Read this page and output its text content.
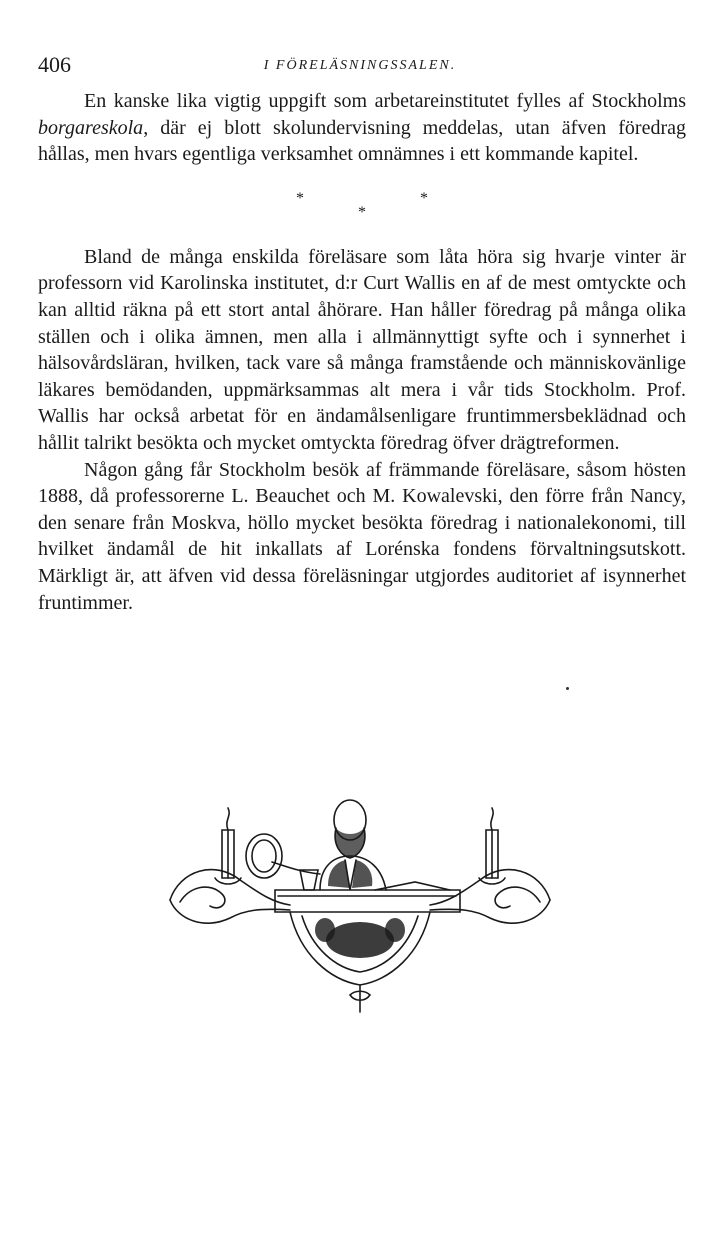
406	I FÖRELÄSNINGSSALEN.

En kanske lika vigtig uppgift som arbetareinstitutet fylles af Stockholms borgareskola, där ej blott skolundervisning meddelas, utan äfven föredrag hållas, men hvars egentliga verksamhet omnämnes i ett kommande kapitel.

*
*
*

Bland de många enskilda föreläsare som låta höra sig hvarje vinter är professorn vid Karolinska institutet, d:r Curt Wallis en af de mest omtyckte och kan alltid räkna på ett stort antal åhörare. Han håller föredrag på många olika ställen och i olika ämnen, men alla i allmännyttigt syfte och i synnerhet i hälsovårdsläran, hvilken, tack vare så många framstående och människovänlige läkares bemödanden, uppmärksammas alt mera i vår tids Stockholm. Prof. Wallis har också arbetat för en ändamålsenligare fruntimmersbeklädnad och hållit talrikt besökta och mycket omtyckta föredrag öfver drägtreformen.

Någon gång får Stockholm besök af främmande föreläsare, såsom hösten 1888, då professorerne L. Beauchet och M. Kowalevski, den förre från Nancy, den senare från Moskva, höllo mycket besökta föredrag i nationalekonomi, till hvilket ändamål de hit inkallats af Lorénska fondens förvaltningsutskott. Märkligt är, att äfven vid dessa föreläsningar utgjordes auditoriet af isynnerhet fruntimmer.
